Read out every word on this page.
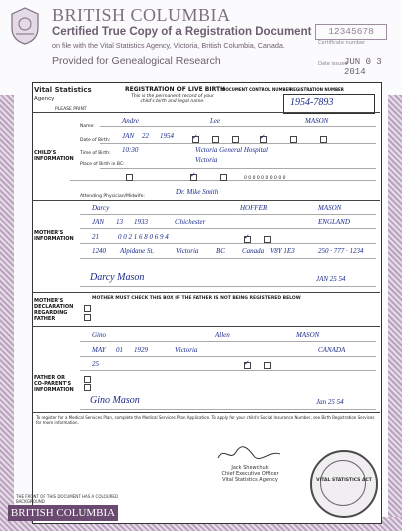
BRITISH COLUMBIA
Certified True Copy of a Registration Document
on file with the Vital Statistics Agency, Victoria, British Columbia, Canada.
Provided for Genealogical Research
12345678
Certificate number
Date issued
JUN 0 3 2014
Vital Statistics
Agency
REGISTRATION OF LIVE BIRTH
This is the permanent record of your child's birth and legal name.
PLEASE PRINT
DOCUMENT CONTROL NUMBER
REGISTRATION NUMBER
1954-7893
CHILD'S INFORMATION
Name:
Andre	Lee	MASON
Date of Birth:
JAN 22 1954
✓
✓
Time of Birth: 10:30	Victoria General Hospital
Victoria
Place of Birth in BC:
✓
0 0 0 0 0 0 0 0 0 0
Attending Physician/Midwife:
Dr. Mike Smith
MOTHER'S INFORMATION
Darcy	HOFFER	MASON
JAN 13 1933	Chichester	ENGLAND
21	0 0 2 1 6 8 0 6 9 4
✓
1240 Alpidane St.	Victoria	BC Canada V8Y 1E3	250 · 777 · 1234
Darcy Mason	JAN 25 54
MOTHER'S DECLARATION REGARDING FATHER
MOTHER MUST CHECK THIS BOX IF THE FATHER IS NOT BEING REGISTERED BELOW
FATHER OR CO-PARENT'S INFORMATION
Gino	Allen	MASON
MAY 01 1929	Victoria	CANADA
25
✓
Gino Mason	Jan 25 54
To register for a Medical Services Plan, complete the Medical Services Plan Application. To apply for your child's Social Insurance Number, see Birth Registration Services for more information.
Jack Shewchuk
Chief Executive Officer
Vital Statistics Agency	VITAL STATISTICS ACT
THE FRONT OF THIS DOCUMENT HAS A COLOURED BACKGROUND
BRITISH COLUMBIA
